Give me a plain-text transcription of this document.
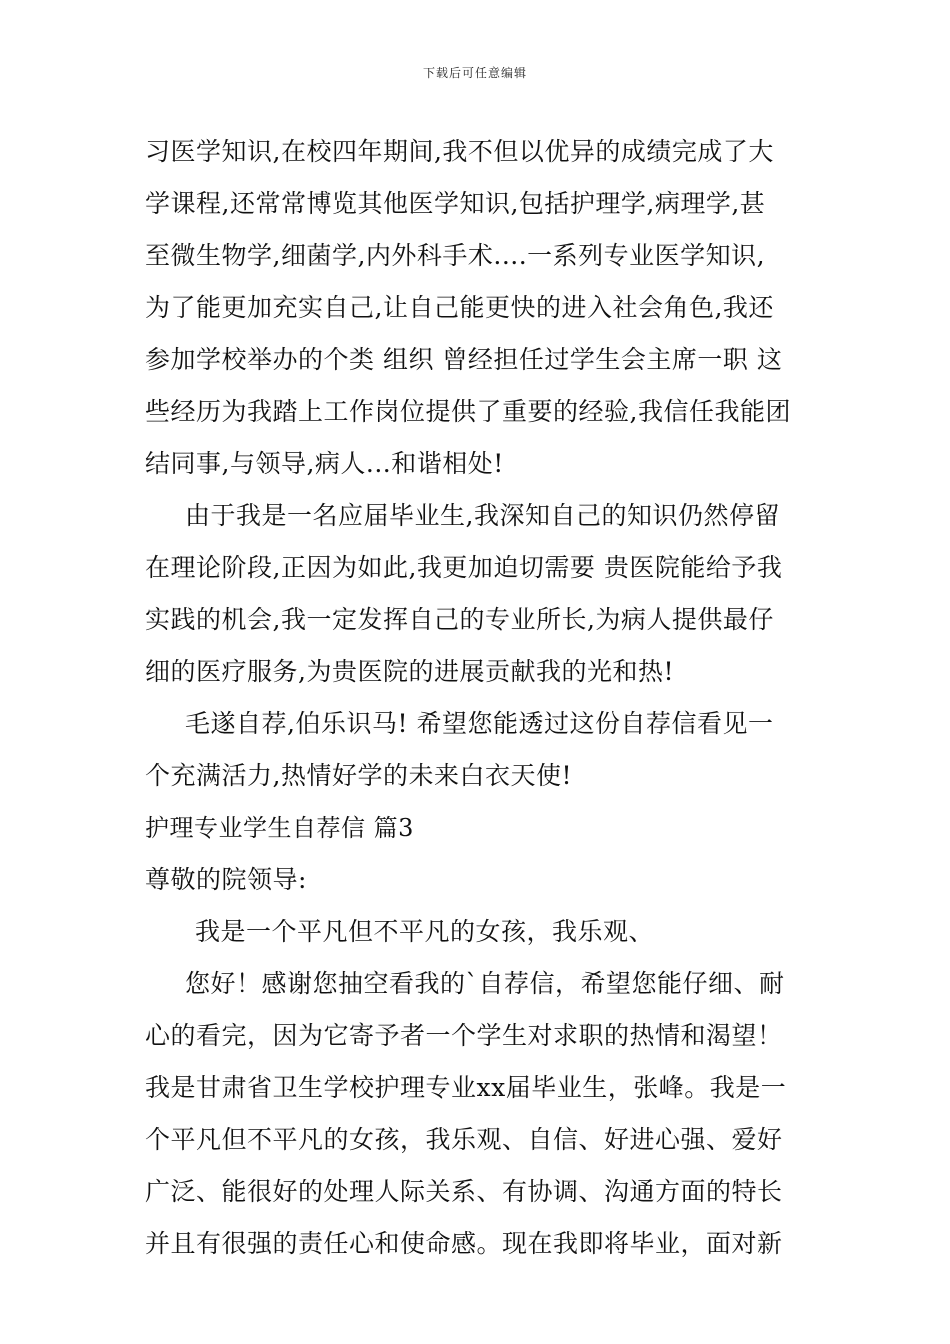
下载后可任意编辑
习医学知识,在校四年期间,我不但以优异的成绩完成了大
学课程,还常常博览其他医学知识,包括护理学,病理学,甚
至微生物学,细菌学,内外科手术....一系列专业医学知识,
为了能更加充实自己,让自己能更快的进入社会角色,我还
参加学校举办的个类 组织 曾经担任过学生会主席一职 这
些经历为我踏上工作岗位提供了重要的经验,我信任我能团
结同事,与领导,病人...和谐相处!
由于我是一名应届毕业生,我深知自己的知识仍然停留
在理论阶段,正因为如此,我更加迫切需要 贵医院能给予我
实践的机会,我一定发挥自己的专业所长,为病人提供最仔
细的医疗服务,为贵医院的进展贡献我的光和热!
毛遂自荐,伯乐识马! 希望您能透过这份自荐信看见一
个充满活力,热情好学的未来白衣天使!
护理专业学生自荐信 篇3
尊敬的院领导:
我是一个平凡但不平凡的女孩，我乐观、
您好！感谢您抽空看我的`自荐信，希望您能仔细、耐
心的看完，因为它寄予者一个学生对求职的热情和渴望！
我是甘肃省卫生学校护理专业xx届毕业生，张峰。我是一
个平凡但不平凡的女孩，我乐观、自信、好进心强、爱好
广泛、能很好的处理人际关系、有协调、沟通方面的特长
并且有很强的责任心和使命感。现在我即将毕业，面对新
